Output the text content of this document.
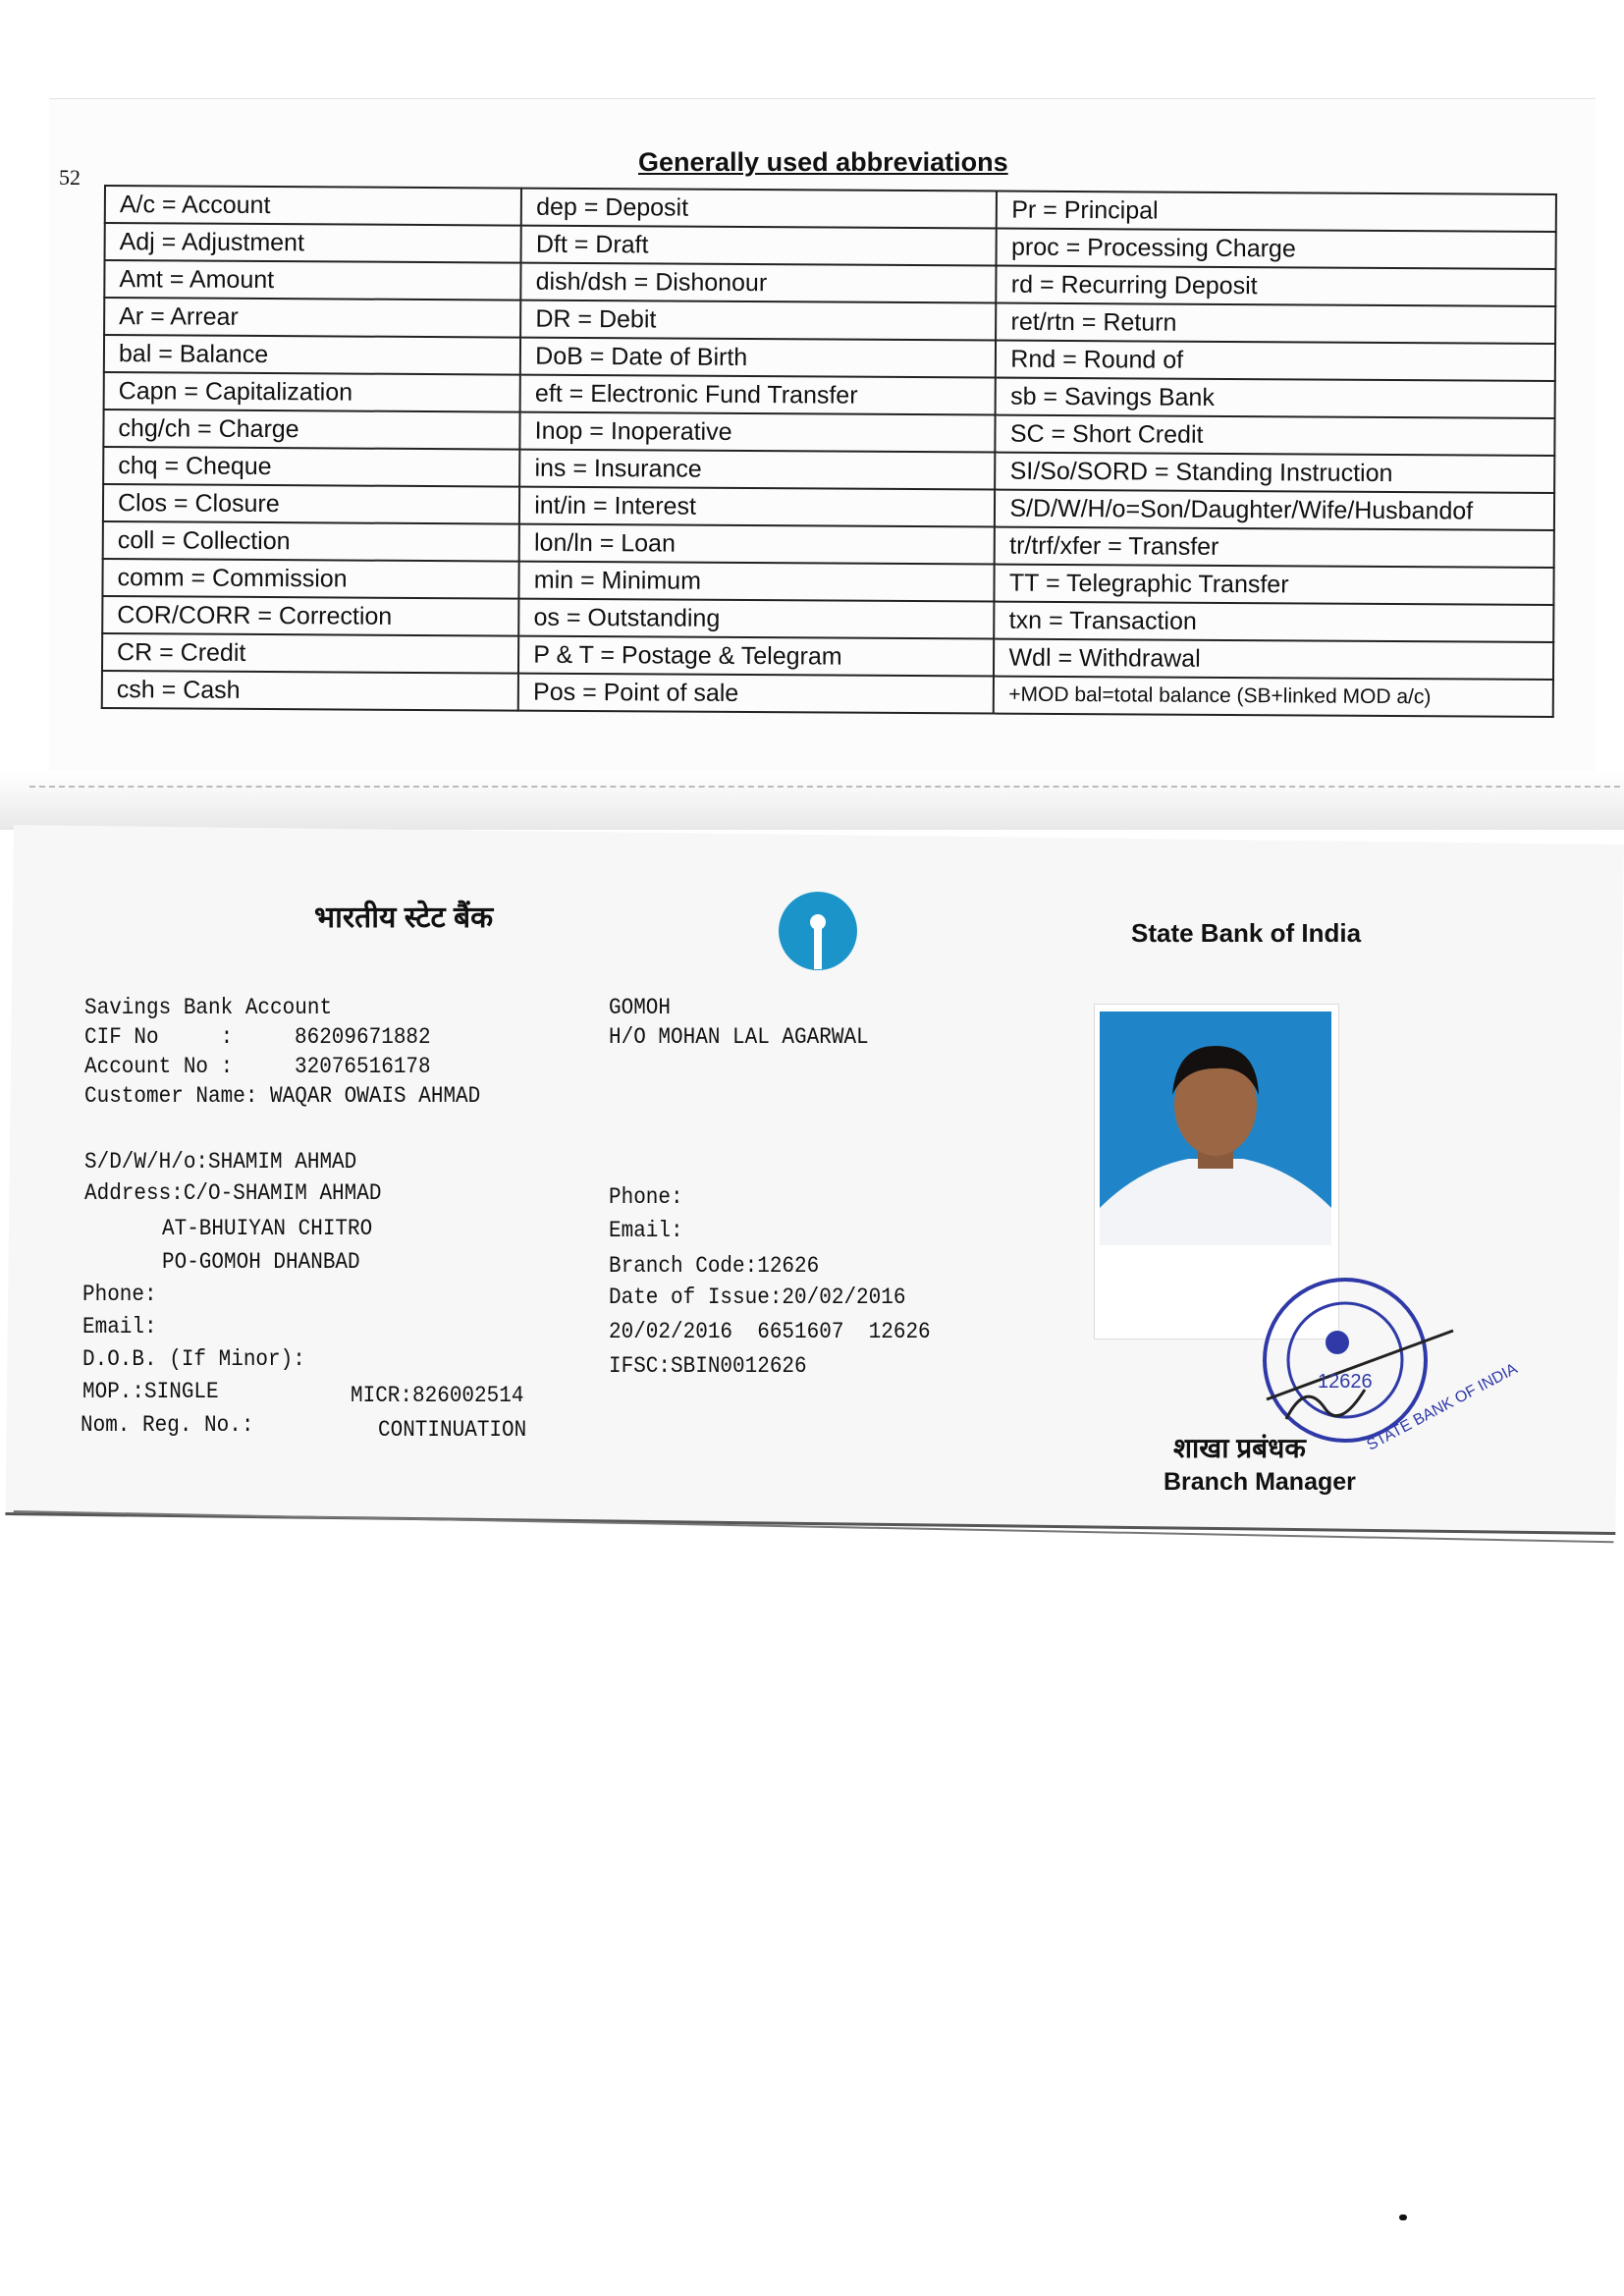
52
Generally used abbreviations
A/c = Account	dep = Deposit	Pr = Principal
Adj = Adjustment	Dft = Draft	proc = Processing Charge
Amt = Amount	dish/dsh = Dishonour	rd = Recurring Deposit
Ar = Arrear	DR = Debit	ret/rtn = Return
bal = Balance	DoB = Date of Birth	Rnd = Round of
Capn = Capitalization	eft = Electronic Fund Transfer	sb = Savings Bank
chg/ch = Charge	Inop = Inoperative	SC = Short Credit
chq = Cheque	ins = Insurance	SI/So/SORD = Standing Instruction
Clos = Closure	int/in = Interest	S/D/W/H/o=Son/Daughter/Wife/Husbandof
coll = Collection	lon/ln = Loan	tr/trf/xfer = Transfer
comm = Commission	min = Minimum	TT = Telegraphic Transfer
COR/CORR = Correction	os = Outstanding	txn = Transaction
CR = Credit	P & T = Postage & Telegram	Wdl = Withdrawal
csh = Cash	Pos = Point of sale	+MOD bal=total balance (SB+linked MOD a/c)
भारतीय स्टेट बैंक	State Bank of India
Savings Bank Account
CIF No     :	86209671882
Account No :	32076516178
Customer Name: WAQAR OWAIS AHMAD
S/D/W/H/o:SHAMIM AHMAD
Address:C/O-SHAMIM AHMAD
AT-BHUIYAN CHITRO
PO-GOMOH DHANBAD
Phone:
Email:
D.O.B. (If Minor):
MOP.:SINGLE	MICR:826002514
Nom. Reg. No.:	CONTINUATION
GOMOH
H/O MOHAN LAL AGARWAL
Phone:
Email:
Branch Code:12626
Date of Issue:20/02/2016
20/02/2016  6651607  12626
IFSC:SBIN0012626
12626
STATE BANK OF INDIA
शाखा प्रबंधक
Branch Manager
